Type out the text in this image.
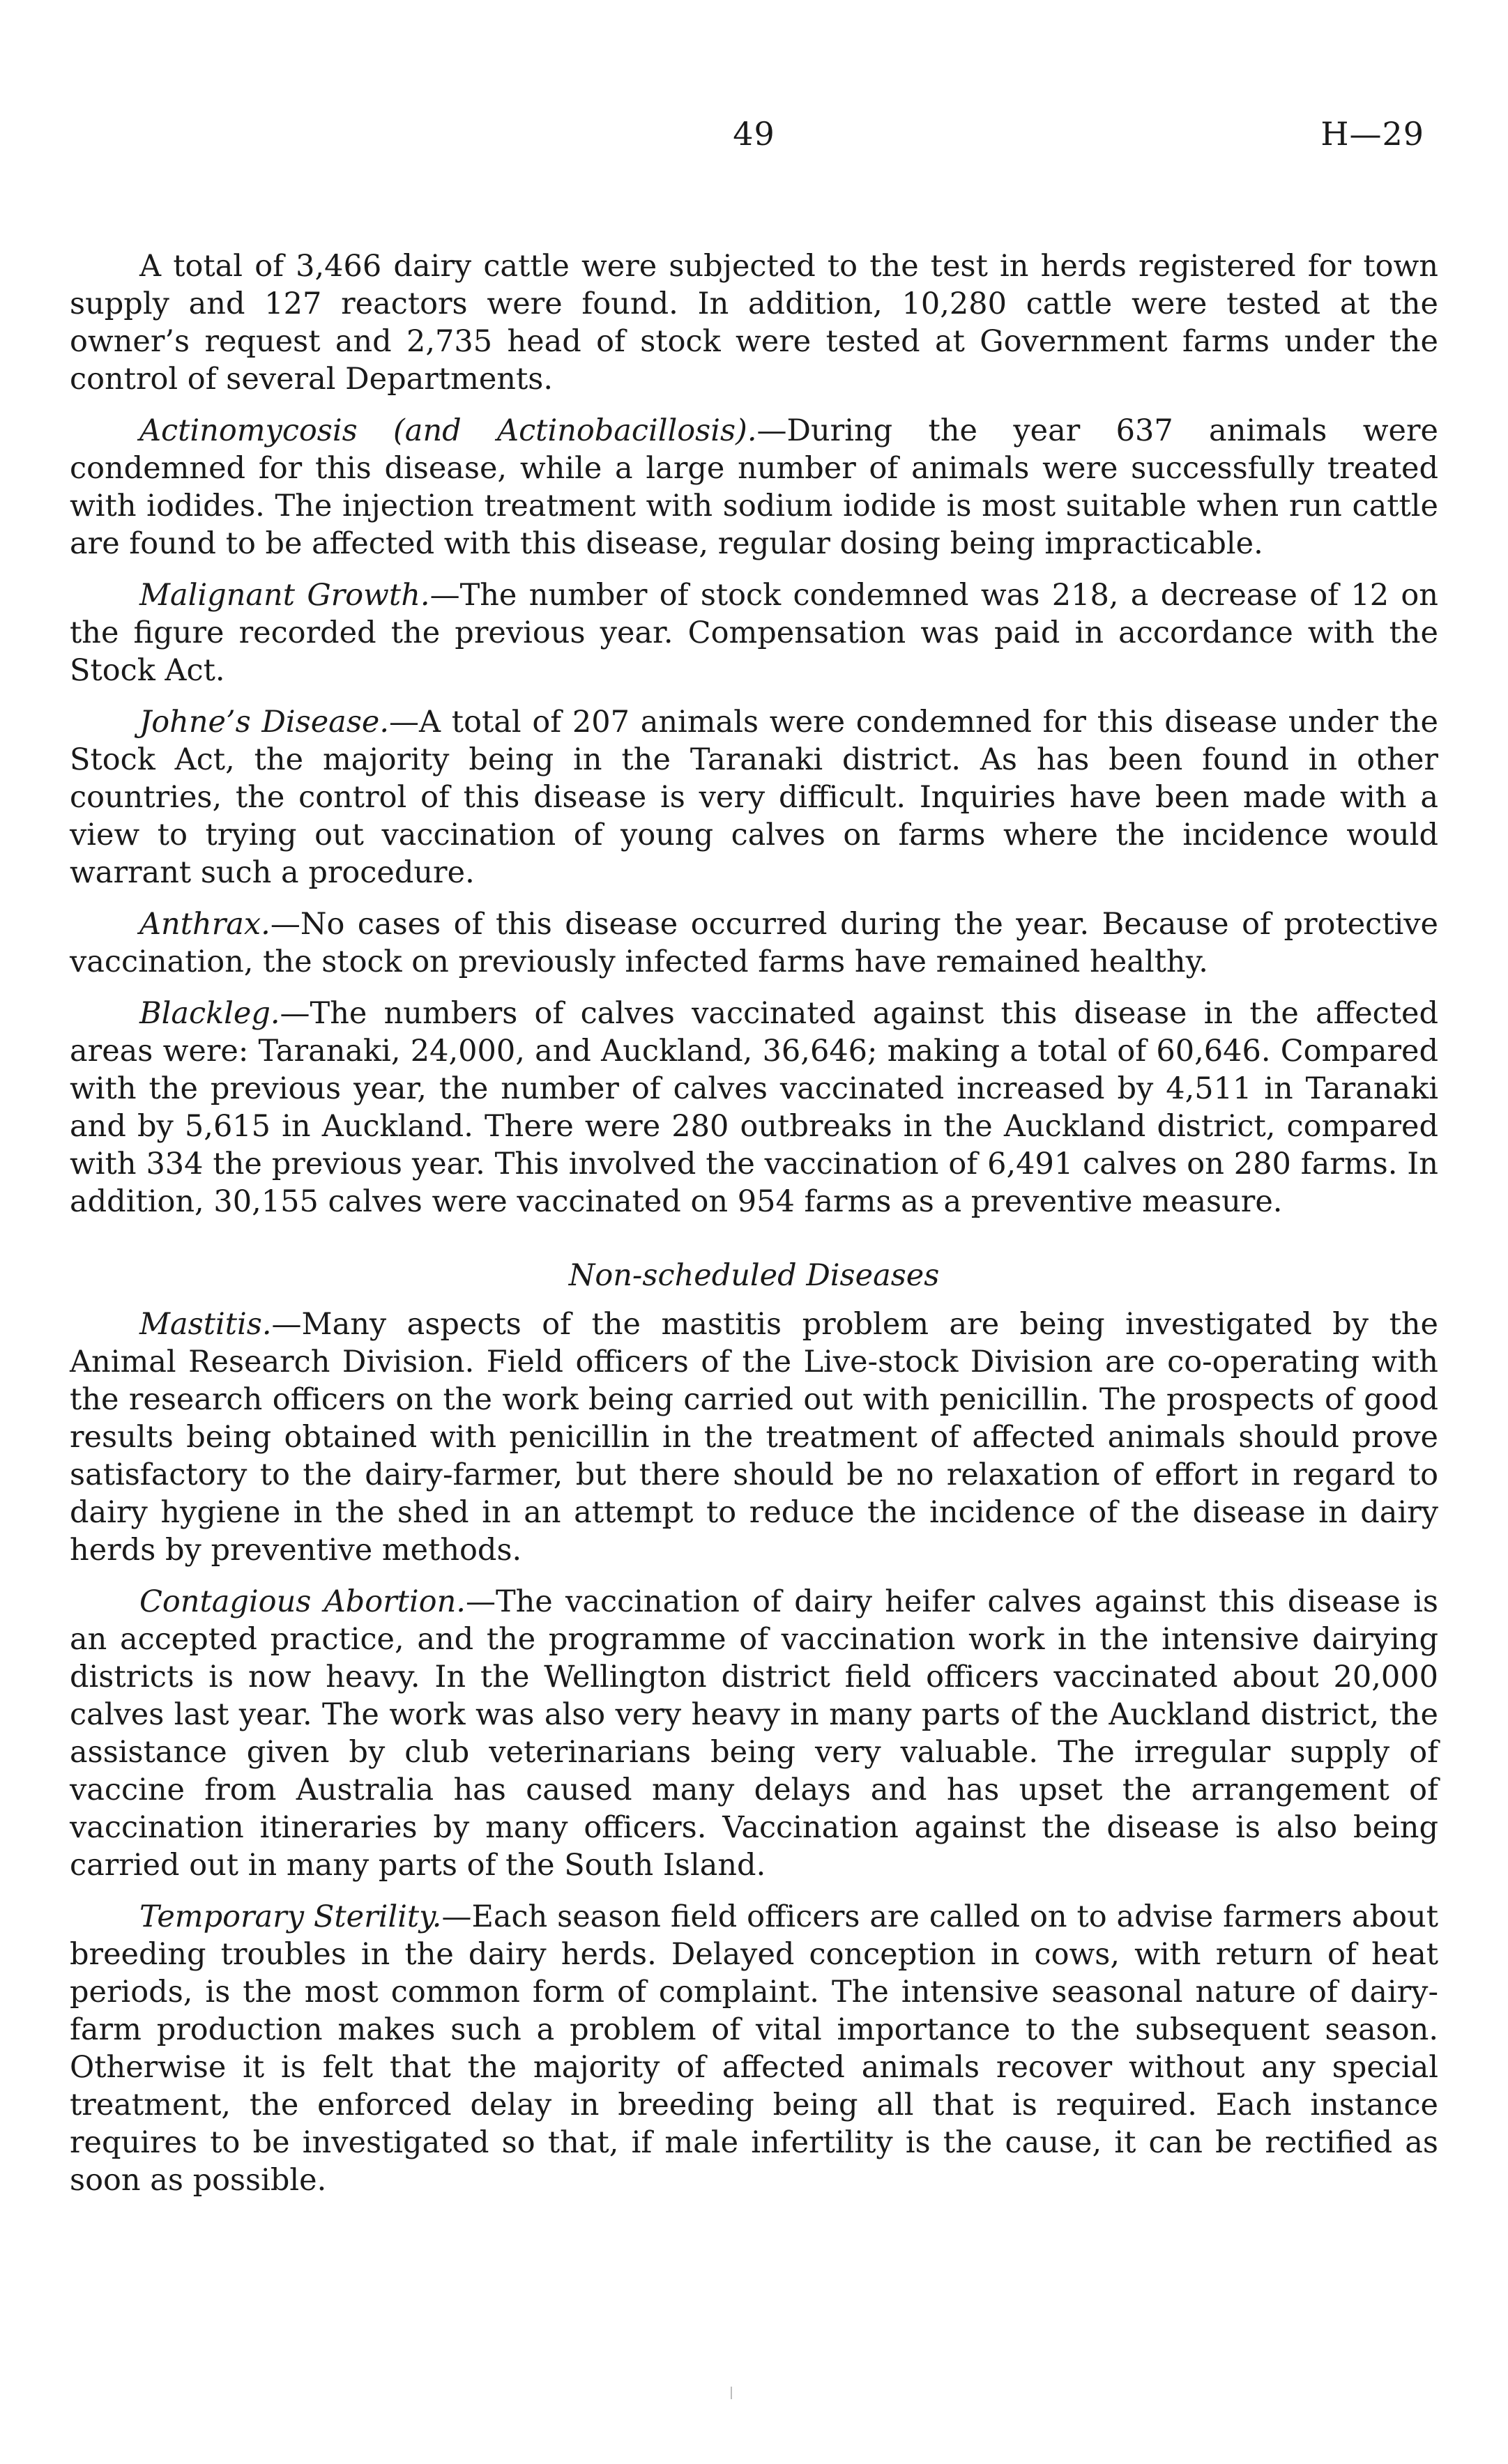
49	H—29

A total of 3,466 dairy cattle were subjected to the test in herds registered for town supply and 127 reactors were found. In addition, 10,280 cattle were tested at the owner’s request and 2,735 head of stock were tested at Government farms under the control of several Departments.

Actinomycosis (and Actinobacillosis).—During the year 637 animals were condemned for this disease, while a large number of animals were successfully treated with iodides. The injection treatment with sodium iodide is most suitable when run cattle are found to be affected with this disease, regular dosing being impracticable.

Malignant Growth.—The number of stock condemned was 218, a decrease of 12 on the figure recorded the previous year. Compensation was paid in accordance with the Stock Act.

Johne’s Disease.—A total of 207 animals were condemned for this disease under the Stock Act, the majority being in the Taranaki district. As has been found in other countries, the control of this disease is very difficult. Inquiries have been made with a view to trying out vaccination of young calves on farms where the incidence would warrant such a procedure.

Anthrax.—No cases of this disease occurred during the year. Because of protective vaccination, the stock on previously infected farms have remained healthy.

Blackleg.—The numbers of calves vaccinated against this disease in the affected areas were: Taranaki, 24,000, and Auckland, 36,646; making a total of 60,646. Compared with the previous year, the number of calves vaccinated increased by 4,511 in Taranaki and by 5,615 in Auckland. There were 280 outbreaks in the Auckland district, compared with 334 the previous year. This involved the vaccination of 6,491 calves on 280 farms. In addition, 30,155 calves were vaccinated on 954 farms as a preventive measure.

Non-scheduled Diseases

Mastitis.—Many aspects of the mastitis problem are being investigated by the Animal Research Division. Field officers of the Live-stock Division are co-operating with the research officers on the work being carried out with penicillin. The prospects of good results being obtained with penicillin in the treatment of affected animals should prove satisfactory to the dairy-farmer, but there should be no relaxation of effort in regard to dairy hygiene in the shed in an attempt to reduce the incidence of the disease in dairy herds by preventive methods.

Contagious Abortion.—The vaccination of dairy heifer calves against this disease is an accepted practice, and the programme of vaccination work in the intensive dairying districts is now heavy. In the Wellington district field officers vaccinated about 20,000 calves last year. The work was also very heavy in many parts of the Auckland district, the assistance given by club veterinarians being very valuable. The irregular supply of vaccine from Australia has caused many delays and has upset the arrangement of vaccination itineraries by many officers. Vaccination against the disease is also being carried out in many parts of the South Island.

Temporary Sterility.—Each season field officers are called on to advise farmers about breeding troubles in the dairy herds. Delayed conception in cows, with return of heat periods, is the most common form of complaint. The intensive seasonal nature of dairy-farm production makes such a problem of vital importance to the subsequent season. Otherwise it is felt that the majority of affected animals recover without any special treatment, the enforced delay in breeding being all that is required. Each instance requires to be investigated so that, if male infertility is the cause, it can be rectified as soon as possible.
